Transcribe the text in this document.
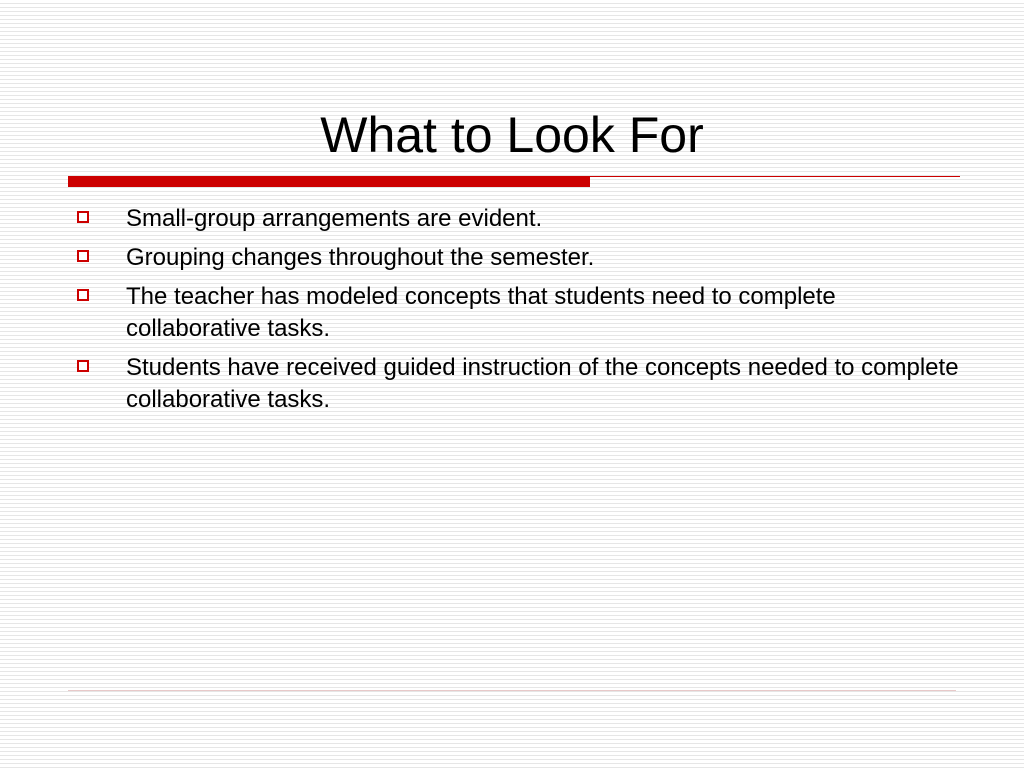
What to Look For
Small-group arrangements are evident.
Grouping changes throughout the semester.
The teacher has modeled concepts that students need to complete collaborative tasks.
Students have received guided instruction of the concepts needed to complete collaborative tasks.
